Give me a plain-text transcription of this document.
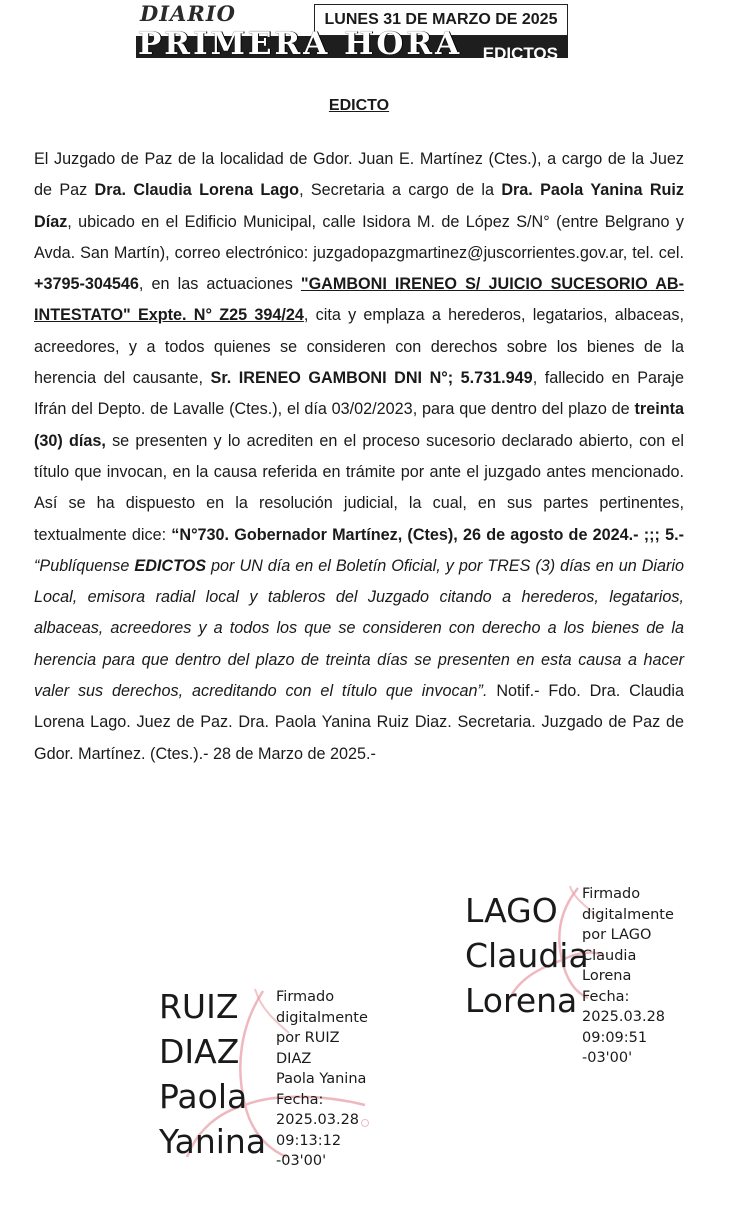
DIARIO	LUNES 31 DE MARZO DE 2025
PRIMERA HORA EDICTOS
EDICTO
El Juzgado de Paz de la localidad de Gdor. Juan E. Martínez (Ctes.), a cargo de la Juez de Paz Dra. Claudia Lorena Lago, Secretaria a cargo de la Dra. Paola Yanina Ruiz Díaz, ubicado en el Edificio Municipal, calle Isidora M. de López S/N° (entre Belgrano y Avda. San Martín), correo electrónico: juzgadopazgmartinez@juscorrientes.gov.ar, tel. cel. +3795-304546, en las actuaciones "GAMBONI IRENEO S/ JUICIO SUCESORIO AB-INTESTATO" Expte. N° Z25 394/24, cita y emplaza a herederos, legatarios, albaceas, acreedores, y a todos quienes se consideren con derechos sobre los bienes de la herencia del causante, Sr. IRENEO GAMBONI DNI N°; 5.731.949, fallecido en Paraje Ifrán del Depto. de Lavalle (Ctes.), el día 03/02/2023, para que dentro del plazo de treinta (30) días, se presenten y lo acrediten en el proceso sucesorio declarado abierto, con el título que invocan, en la causa referida en trámite por ante el juzgado antes mencionado. Así se ha dispuesto en la resolución judicial, la cual, en sus partes pertinentes, textualmente dice: “N°730. Gobernador Martínez, (Ctes), 26 de agosto de 2024.- ;;; 5.- “Publíquense EDICTOS por UN día en el Boletín Oficial, y por TRES (3) días en un Diario Local, emisora radial local y tableros del Juzgado citando a herederos, legatarios, albaceas, acreedores y a todos los que se consideren con derecho a los bienes de la herencia para que dentro del plazo de treinta días se presenten en esta causa a hacer valer sus derechos, acreditando con el título que invocan”. Notif.- Fdo. Dra. Claudia Lorena Lago. Juez de Paz. Dra. Paola Yanina Ruiz Diaz. Secretaria. Juzgado de Paz de Gdor. Martínez. (Ctes.).- 28 de Marzo de 2025.-
LAGO
Claudia
Lorena
Firmado
digitalmente
por LAGO
Claudia Lorena
Fecha:
2025.03.28
09:09:51 -03'00'
RUIZ
DIAZ
Paola
Yanina
Firmado
digitalmente
por RUIZ DIAZ
Paola Yanina
Fecha:
2025.03.28
09:13:12
-03'00'
